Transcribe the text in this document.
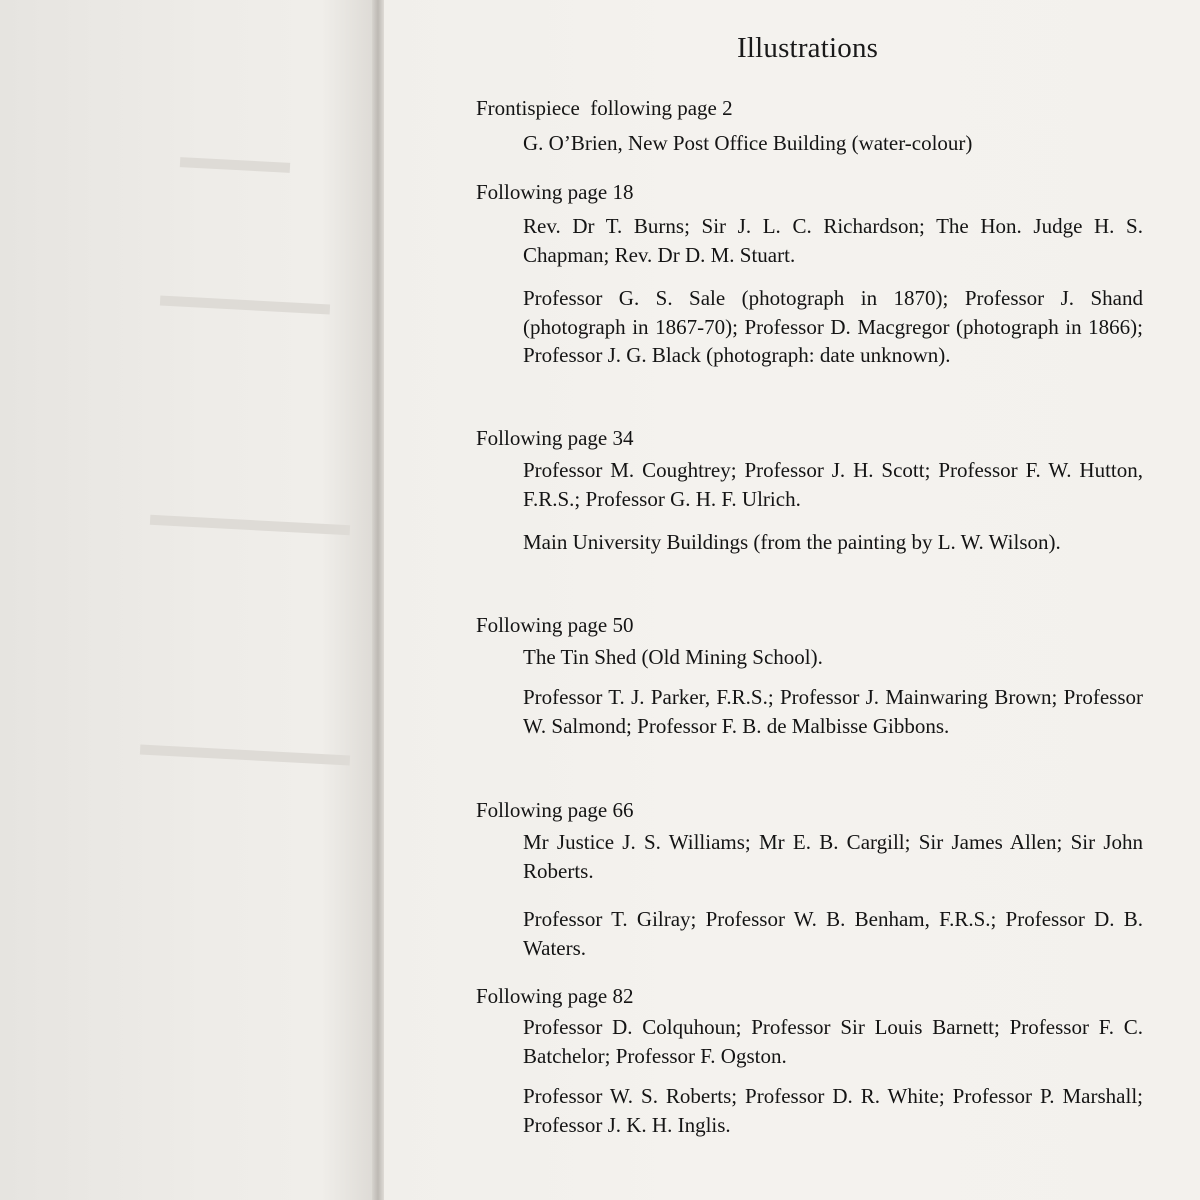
Illustrations
Frontispiece  following page 2
G. O’Brien, New Post Office Building (water-colour)
Following page 18
Rev. Dr T. Burns; Sir J. L. C. Richardson; The Hon. Judge H. S. Chapman; Rev. Dr D. M. Stuart.
Professor G. S. Sale (photograph in 1870); Professor J. Shand (photograph in 1867-70); Professor D. Macgregor (photograph in 1866); Professor J. G. Black (photograph: date unknown).
Following page 34
Professor M. Coughtrey; Professor J. H. Scott; Professor F. W. Hutton, F.R.S.; Professor G. H. F. Ulrich.
Main University Buildings (from the painting by L. W. Wilson).
Following page 50
The Tin Shed (Old Mining School).
Professor T. J. Parker, F.R.S.; Professor J. Mainwaring Brown; Professor W. Salmond; Professor F. B. de Malbisse Gibbons.
Following page 66
Mr Justice J. S. Williams; Mr E. B. Cargill; Sir James Allen; Sir John Roberts.
Professor T. Gilray; Professor W. B. Benham, F.R.S.; Professor D. B. Waters.
Following page 82
Professor D. Colquhoun; Professor Sir Louis Barnett; Professor F. C. Batchelor; Professor F. Ogston.
Professor W. S. Roberts; Professor D. R. White; Professor P. Marshall; Professor J. K. H. Inglis.
